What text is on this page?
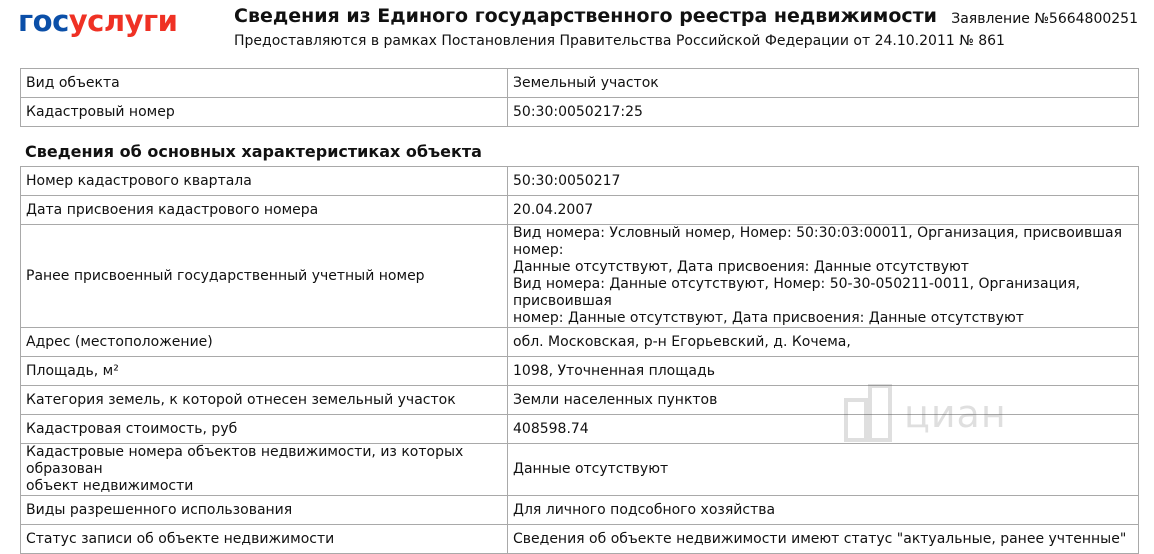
госуслуги	Сведения из Единого государственного реестра недвижимости
Предоставляются в рамках Постановления Правительства Российской Федерации от 24.10.2011 № 861
Заявление №5664800251
Вид объекта	Земельный участок
Кадастровый номер	50:30:0050217:25
Сведения об основных характеристиках объекта
Номер кадастрового квартала	50:30:0050217
Дата присвоения кадастрового номера	20.04.2007
Ранее присвоенный государственный учетный номер	Вид номера: Условный номер, Номер: 50:30:03:00011, Организация, присвоившая номер:
Данные отсутствуют, Дата присвоения: Данные отсутствуют
Вид номера: Данные отсутствуют, Номер: 50-30-050211-0011, Организация, присвоившая
номер: Данные отсутствуют, Дата присвоения: Данные отсутствуют

Адрес (местоположение)	обл. Московская, р-н Егорьевский, д. Кочема,
Площадь, м²	1098, Уточненная площадь
Категория земель, к которой отнесен земельный участок	Земли населенных пунктов
Кадастровая стоимость, руб	408598.74

Кадастровые номера объектов недвижимости, из которых образован
объект недвижимости	Данные отсутствуют
Виды разрешенного использования	Для личного подсобного хозяйства
Статус записи об объекте недвижимости	Сведения об объекте недвижимости имеют статус "актуальные, ранее учтенные"
циан
